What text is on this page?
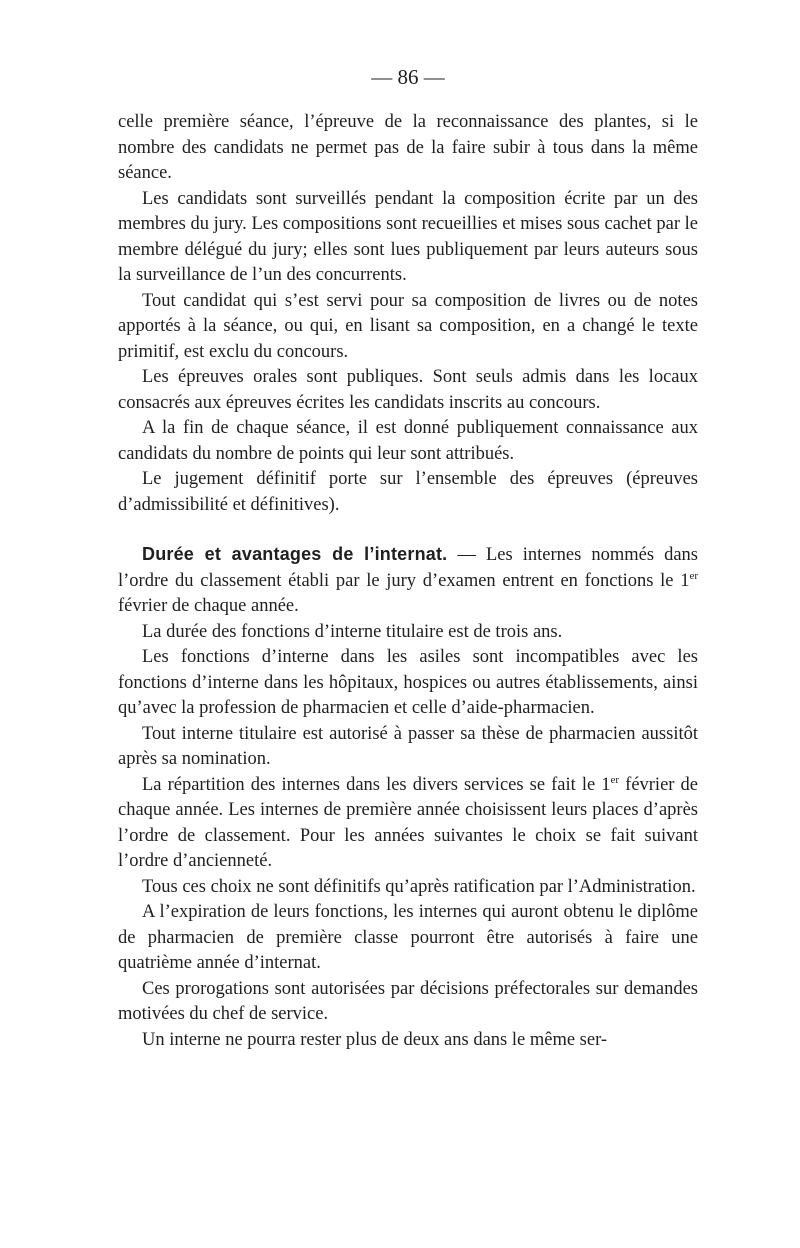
— 86 —

celle première séance, l’épreuve de la reconnaissance des plantes, si le nombre des candidats ne permet pas de la faire subir à tous dans la même séance.

Les candidats sont surveillés pendant la composition écrite par un des membres du jury. Les compositions sont recueillies et mises sous cachet par le membre délégué du jury; elles sont lues publiquement par leurs auteurs sous la surveillance de l’un des concurrents.

Tout candidat qui s’est servi pour sa composition de livres ou de notes apportés à la séance, ou qui, en lisant sa composition, en a changé le texte primitif, est exclu du concours.

Les épreuves orales sont publiques. Sont seuls admis dans les locaux consacrés aux épreuves écrites les candidats inscrits au concours.

A la fin de chaque séance, il est donné publiquement connaissance aux candidats du nombre de points qui leur sont attribués.

Le jugement définitif porte sur l’ensemble des épreuves (épreuves d’admissibilité et définitives).

Durée et avantages de l’internat. — Les internes nommés dans l’ordre du classement établi par le jury d’examen entrent en fonctions le 1er février de chaque année.

La durée des fonctions d’interne titulaire est de trois ans.

Les fonctions d’interne dans les asiles sont incompatibles avec les fonctions d’interne dans les hôpitaux, hospices ou autres établissements, ainsi qu’avec la profession de pharmacien et celle d’aide-pharmacien.

Tout interne titulaire est autorisé à passer sa thèse de pharmacien aussitôt après sa nomination.

La répartition des internes dans les divers services se fait le 1er février de chaque année. Les internes de première année choisissent leurs places d’après l’ordre de classement. Pour les années suivantes le choix se fait suivant l’ordre d’ancienneté.

Tous ces choix ne sont définitifs qu’après ratification par l’Administration.

A l’expiration de leurs fonctions, les internes qui auront obtenu le diplôme de pharmacien de première classe pourront être autorisés à faire une quatrième année d’internat.

Ces prorogations sont autorisées par décisions préfectorales sur demandes motivées du chef de service.

Un interne ne pourra rester plus de deux ans dans le même ser-
